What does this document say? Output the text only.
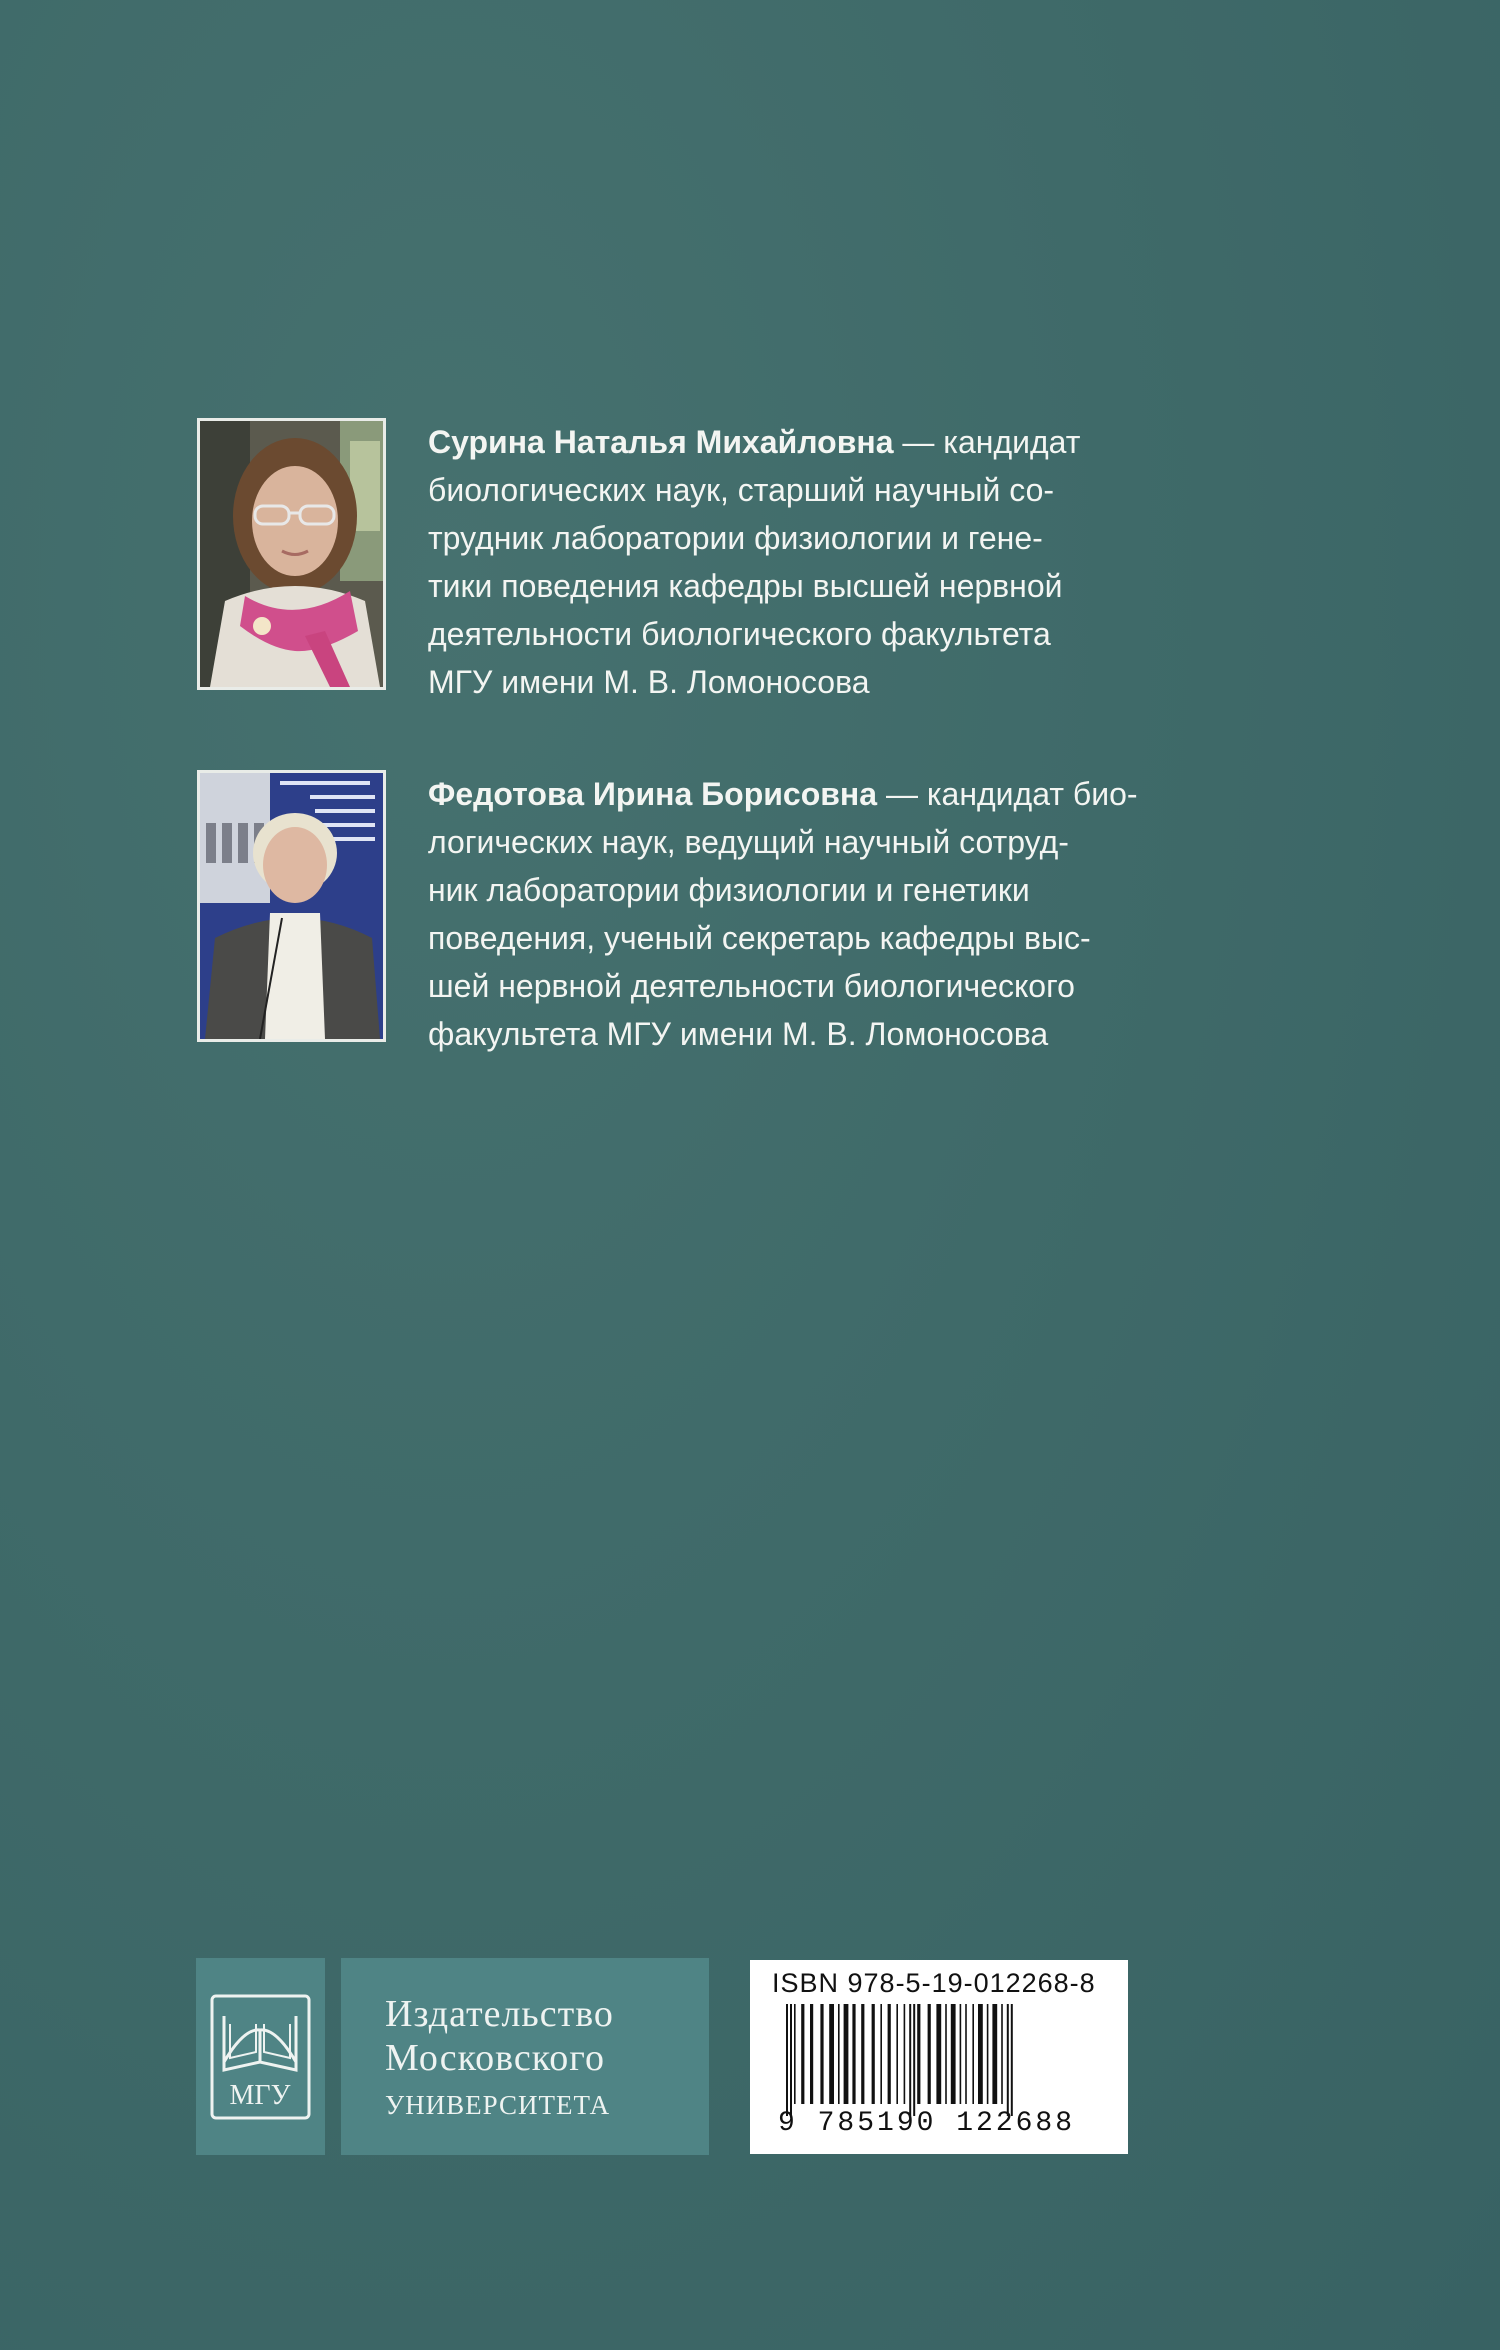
Сурина Наталья Михайловна — кандидат
биологических наук, старший научный со-
трудник лаборатории физиологии и гене-
тики поведения кафедры высшей нервной
деятельности биологического факультета
МГУ имени М. В. Ломоносова
Федотова Ирина Борисовна — кандидат био-
логических наук, ведущий научный сотруд-
ник лаборатории физиологии и генетики
поведения, ученый секретарь кафедры выс-
шей нервной деятельности биологического
факультета МГУ имени М. В. Ломоносова
МГУ
Издательство
Московского
университета
ISBN 978-5-19-012268-8
9 785190 122688
